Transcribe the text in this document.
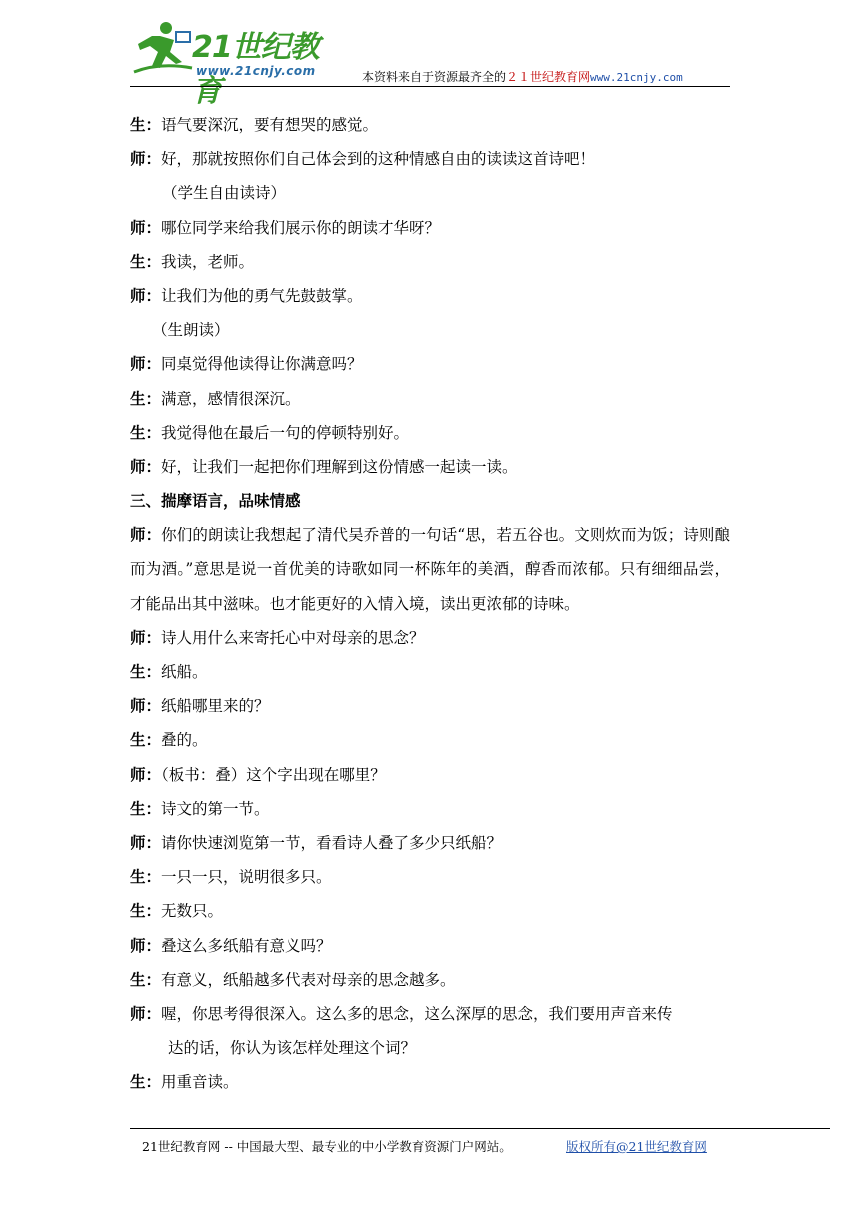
21世纪教育
www.21cnjy.com	本资料来自于资源最齐全的２１世纪教育网www.21cnjy.com
生：语气要深沉，要有想哭的感觉。
师：好，那就按照你们自己体会到的这种情感自由的读读这首诗吧！
（学生自由读诗）
师：哪位同学来给我们展示你的朗读才华呀？
生：我读，老师。
师：让我们为他的勇气先鼓鼓掌。
（生朗读）
师：同桌觉得他读得让你满意吗？
生：满意，感情很深沉。
生：我觉得他在最后一句的停顿特别好。
师：好，让我们一起把你们理解到这份情感一起读一读。
三、揣摩语言，品味情感
师：你们的朗读让我想起了清代吴乔普的一句话“思，若五谷也。文则炊而为饭；诗则酿而为酒。”意思是说一首优美的诗歌如同一杯陈年的美酒，醇香而浓郁。只有细细品尝，才能品出其中滋味。也才能更好的入情入境，读出更浓郁的诗味。
师：诗人用什么来寄托心中对母亲的思念？
生：纸船。
师：纸船哪里来的？
生：叠的。
师：（板书：叠）这个字出现在哪里？
生：诗文的第一节。
师：请你快速浏览第一节，看看诗人叠了多少只纸船？
生：一只一只，说明很多只。
生：无数只。
师：叠这么多纸船有意义吗？
生：有意义，纸船越多代表对母亲的思念越多。
师：喔，你思考得很深入。这么多的思念，这么深厚的思念，我们要用声音来传
达的话，你认为该怎样处理这个词？
生：用重音读。
21世纪教育网 -- 中国最大型、最专业的中小学教育资源门户网站。	版权所有@21世纪教育网
